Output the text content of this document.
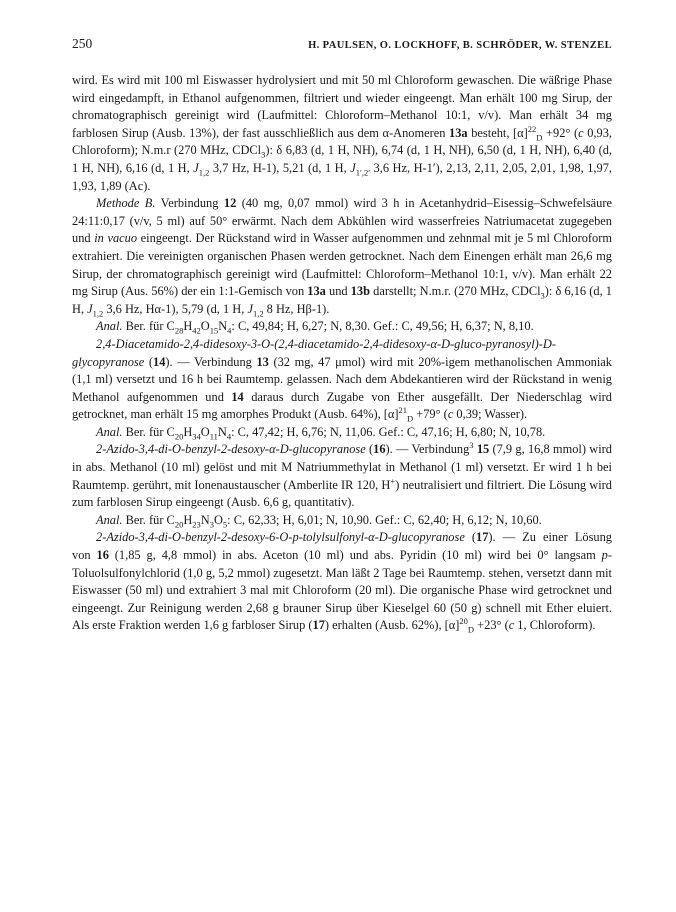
250	H. PAULSEN, O. LOCKHOFF, B. SCHRÖDER, W. STENZEL

wird. Es wird mit 100 ml Eiswasser hydrolysiert und mit 50 ml Chloroform gewaschen. Die wäßrige Phase wird eingedampft, in Ethanol aufgenommen, filtriert und wieder eingeengt. Man erhält 100 mg Sirup, der chromatographisch gereinigt wird (Laufmittel: Chloroform–Methanol 10:1, v/v). Man erhält 34 mg farblosen Sirup (Ausb. 13%), der fast ausschließlich aus dem α-Anomeren 13a besteht, $[\alpha]^{22}_D +92^\circ$ (c 0,93, Chloroform); N.m.r (270 MHz, CDCl$_3$): δ 6,83 (d, 1 H, NH), 6,74 (d, 1 H, NH), 6,50 (d, 1 H, NH), 6,40 (d, 1 H, NH), 6,16 (d, 1 H, $J_{1,2}$ 3,7 Hz, H-1), 5,21 (d, 1 H, $J_{1',2'}$ 3,6 Hz, H-1′), 2,13, 2,11, 2,05, 2,01, 1,98, 1,97, 1,93, 1,89 (Ac).

Methode B. Verbindung 12 (40 mg, 0,07 mmol) wird 3 h in Acetanhydrid–Eisessig–Schwefelsäure 24:11:0,17 (v/v, 5 ml) auf 50° erwärmt. Nach dem Abkühlen wird wasserfreies Natriumacetat zugegeben und in vacuo eingeengt. Der Rückstand wird in Wasser aufgenommen und zehnmal mit je 5 ml Chloroform extrahiert. Die vereinigten organischen Phasen werden getrocknet. Nach dem Einengen erhält man 26,6 mg Sirup, der chromatographisch gereinigt wird (Laufmittel: Chloroform–Methanol 10:1, v/v). Man erhält 22 mg Sirup (Aus. 56%) der ein 1:1-Gemisch von 13a und 13b darstellt; N.m.r. (270 MHz, CDCl$_3$): δ 6,16 (d, 1 H, $J_{1,2}$ 3,6 Hz, Hα-1), 5,79 (d, 1 H, $J_{1,2}$ 8 Hz, Hβ-1).

Anal. Ber. für $C_{28}H_{42}O_{15}N_4$: C, 49,84; H, 6,27; N, 8,30. Gef.: C, 49,56; H, 6,37; N, 8,10.

2,4-Diacetamido-2,4-didesoxy-3-O-(2,4-diacetamido-2,4-didesoxy-α-D-gluco-pyranosyl)-D-glycopyranose (14). — Verbindung 13 (32 mg, 47 μmol) wird mit 20%-igem methanolischen Ammoniak (1,1 ml) versetzt und 16 h bei Raumtemp. gelassen. Nach dem Abdekantieren wird der Rückstand in wenig Methanol aufgenommen und 14 daraus durch Zugabe von Ether ausgefällt. Der Niederschlag wird getrocknet, man erhält 15 mg amorphes Produkt (Ausb. 64%), $[\alpha]^{21}_D +79^\circ$ (c 0,39; Wasser).

Anal. Ber. für $C_{20}H_{34}O_{11}N_4$: C, 47,42; H, 6,76; N, 11,06. Gef.: C, 47,16; H, 6,80; N, 10,78.

2-Azido-3,4-di-O-benzyl-2-desoxy-α-D-glucopyranose (16). — Verbindung$^3$ 15 (7,9 g, 16,8 mmol) wird in abs. Methanol (10 ml) gelöst und mit M Natriummethylat in Methanol (1 ml) versetzt. Er wird 1 h bei Raumtemp. gerührt, mit Ionenaustauscher (Amberlite IR 120, H+) neutralisiert und filtriert. Die Lösung wird zum farblosen Sirup eingeengt (Ausb. 6,6 g, quantitativ).

Anal. Ber. für $C_{20}H_{23}N_3O_5$: C, 62,33; H, 6,01; N, 10,90. Gef.: C, 62,40; H, 6,12; N, 10,60.

2-Azido-3,4-di-O-benzyl-2-desoxy-6-O-p-tolylsulfonyl-α-D-glucopyranose (17). — Zu einer Lösung von 16 (1,85 g, 4,8 mmol) in abs. Aceton (10 ml) und abs. Pyridin (10 ml) wird bei 0° langsam p-Toluolsulfonylchlorid (1,0 g, 5,2 mmol) zugesetzt. Man läßt 2 Tage bei Raumtemp. stehen, versetzt dann mit Eiswasser (50 ml) und extrahiert 3 mal mit Chloroform (20 ml). Die organische Phase wird getrocknet und eingeengt. Zur Reinigung werden 2,68 g brauner Sirup über Kieselgel 60 (50 g) schnell mit Ether eluiert. Als erste Fraktion werden 1,6 g farbloser Sirup (17) erhalten (Ausb. 62%), $[\alpha]^{20}_D +23^\circ$ (c 1, Chloroform).
